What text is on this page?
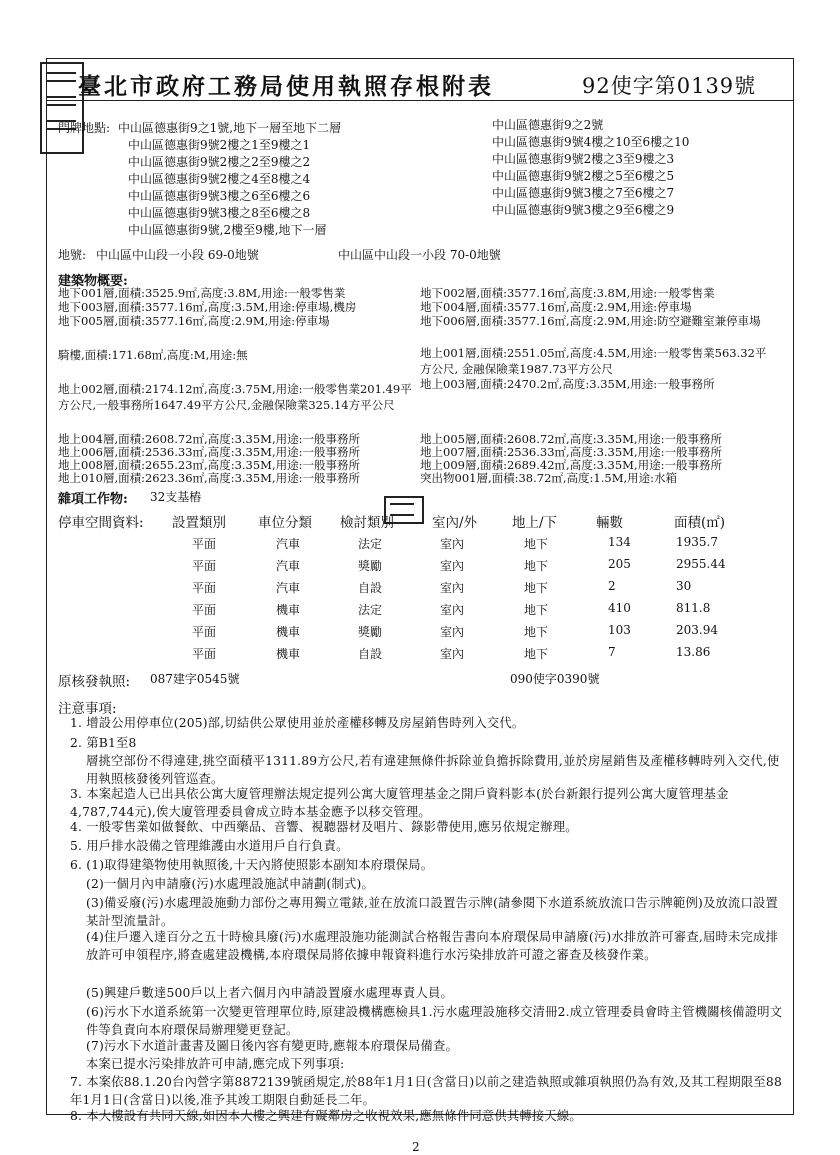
臺北市政府工務局使用執照存根附表	92使字第0139號
門牌地點: 中山區德惠街9之1號,地下一層至地下二層
中山區德惠街9號2樓之1至9樓之1
中山區德惠街9號2樓之2至9樓之2
中山區德惠街9號2樓之4至8樓之4
中山區德惠街9號3樓之6至6樓之6
中山區德惠街9號3樓之8至6樓之8
中山區德惠街9號,2樓至9樓,地下一層
中山區德惠街9之2號
中山區德惠街9號4樓之10至6樓之10
中山區德惠街9號2樓之3至9樓之3
中山區德惠街9號2樓之5至6樓之5
中山區德惠街9號3樓之7至6樓之7
中山區德惠街9號3樓之9至6樓之9
地號: 中山區中山段一小段 69-0地號	中山區中山段一小段 70-0地號
建築物概要:
地下001層,面積:3525.9㎡,高度:3.8M,用途:一般零售業	地下002層,面積:3577.16㎡,高度:3.8M,用途:一般零售業
地下003層,面積:3577.16㎡,高度:3.5M,用途:停車場,機房	地下004層,面積:3577.16㎡,高度:2.9M,用途:停車場
地下005層,面積:3577.16㎡,高度:2.9M,用途:停車場	地下006層,面積:3577.16㎡,高度:2.9M,用途:防空避難室兼停車場
騎樓,面積:171.68㎡,高度:M,用途:無	地上001層,面積:2551.05㎡,高度:4.5M,用途:一般零售業563.32平方公尺, 金融保險業1987.73平方公尺
地上002層,面積:2174.12㎡,高度:3.75M,用途:一般零售業201.49平方公尺,一般事務所1647.49平方公尺,金融保險業325.14方平公尺
地上003層,面積:2470.2㎡,高度:3.35M,用途:一般事務所
地上004層,面積:2608.72㎡,高度:3.35M,用途:一般事務所	地上005層,面積:2608.72㎡,高度:3.35M,用途:一般事務所
地上006層,面積:2536.33㎡,高度:3.35M,用途:一般事務所	地上007層,面積:2536.33㎡,高度:3.35M,用途:一般事務所
地上008層,面積:2655.23㎡,高度:3.35M,用途:一般事務所	地上009層,面積:2689.42㎡,高度:3.35M,用途:一般事務所
地上010層,面積:2623.36㎡,高度:3.35M,用途:一般事務所	突出物001層,面積:38.72㎡,高度:1.5M,用途:水箱
雜項工作物: 32支基樁
停車空間資料: 設置類別 車位分類 檢討類別	室內/外	地上/下	輛數	面積(㎡)
平面	汽車	法定	室內	地下	134	1935.7
平面	汽車	獎勵	室內	地下	205	2955.44
平面	汽車	自設	室內	地下	2	30
平面	機車	法定	室內	地下	410	811.8
平面	機車	獎勵	室內	地下	103	203.94
平面	機車	自設	室內	地下	7	13.86
原核發執照: 087建字0545號	090使字0390號
注意事項:
1. 增設公用停車位(205)部,切結供公眾使用並於產權移轉及房屋銷售時列入交代。
2. 第B1至8
層挑空部份不得違建,挑空面積平1311.89方公尺,若有違建無條件拆除並負擔拆除費用,並於房屋銷售及產權移轉時列入交代,使用執照核發後列管巡查。
3. 本案起造人已出具依公寓大廈管理辦法規定提列公寓大廈管理基金之開戶資料影本(於台新銀行提列公寓大廈管理基金4,787,744元),俟大廈管理委員會成立時本基金應予以移交管理。
4. 一般零售業如做餐飲、中西藥品、音響、視聽器材及唱片、錄影帶使用,應另依規定辦理。
5. 用戶排水設備之管理維護由水道用戶自行負責。
6. (1)取得建築物使用執照後,十天內將使照影本副知本府環保局。
(2)一個月內申請廢(污)水處理設施試申請劃(制式)。
(3)備妥廢(污)水處理設施動力部份之專用獨立電錶,並在放流口設置告示牌(請參閱下水道系統放流口告示牌範例)及放流口設置某計型流量計。
(4)住戶遷入達百分之五十時檢具廢(污)水處理設施功能測試合格報告書向本府環保局申請廢(污)水排放許可審查,屆時未完成排放許可申領程序,將查處建設機構,本府環保局將依據申報資料進行水污染排放許可證之審查及核發作業。
(5)興建戶數達500戶以上者六個月內申請設置廢水處理專責人員。
(6)污水下水道系統第一次變更管理單位時,原建設機構應檢具1.污水處理設施移交清冊2.成立管理委員會時主管機關核備證明文件等負責向本府環保局辦理變更登記。
(7)污水下水道計畫書及圖日後內容有變更時,應報本府環保局備查。
本案已提水污染排放許可申請,應完成下列事項:
7. 本案依88.1.20台內營字第8872139號函規定,於88年1月1日(含當日)以前之建造執照或雜項執照仍為有效,及其工程期限至88年1月1日(含當日)以後,准予其竣工期限自動延長二年。
8. 本大樓設有共同天線,如因本大樓之興建有礙鄰房之收視效果,應無條件同意供其轉接天線。
2
